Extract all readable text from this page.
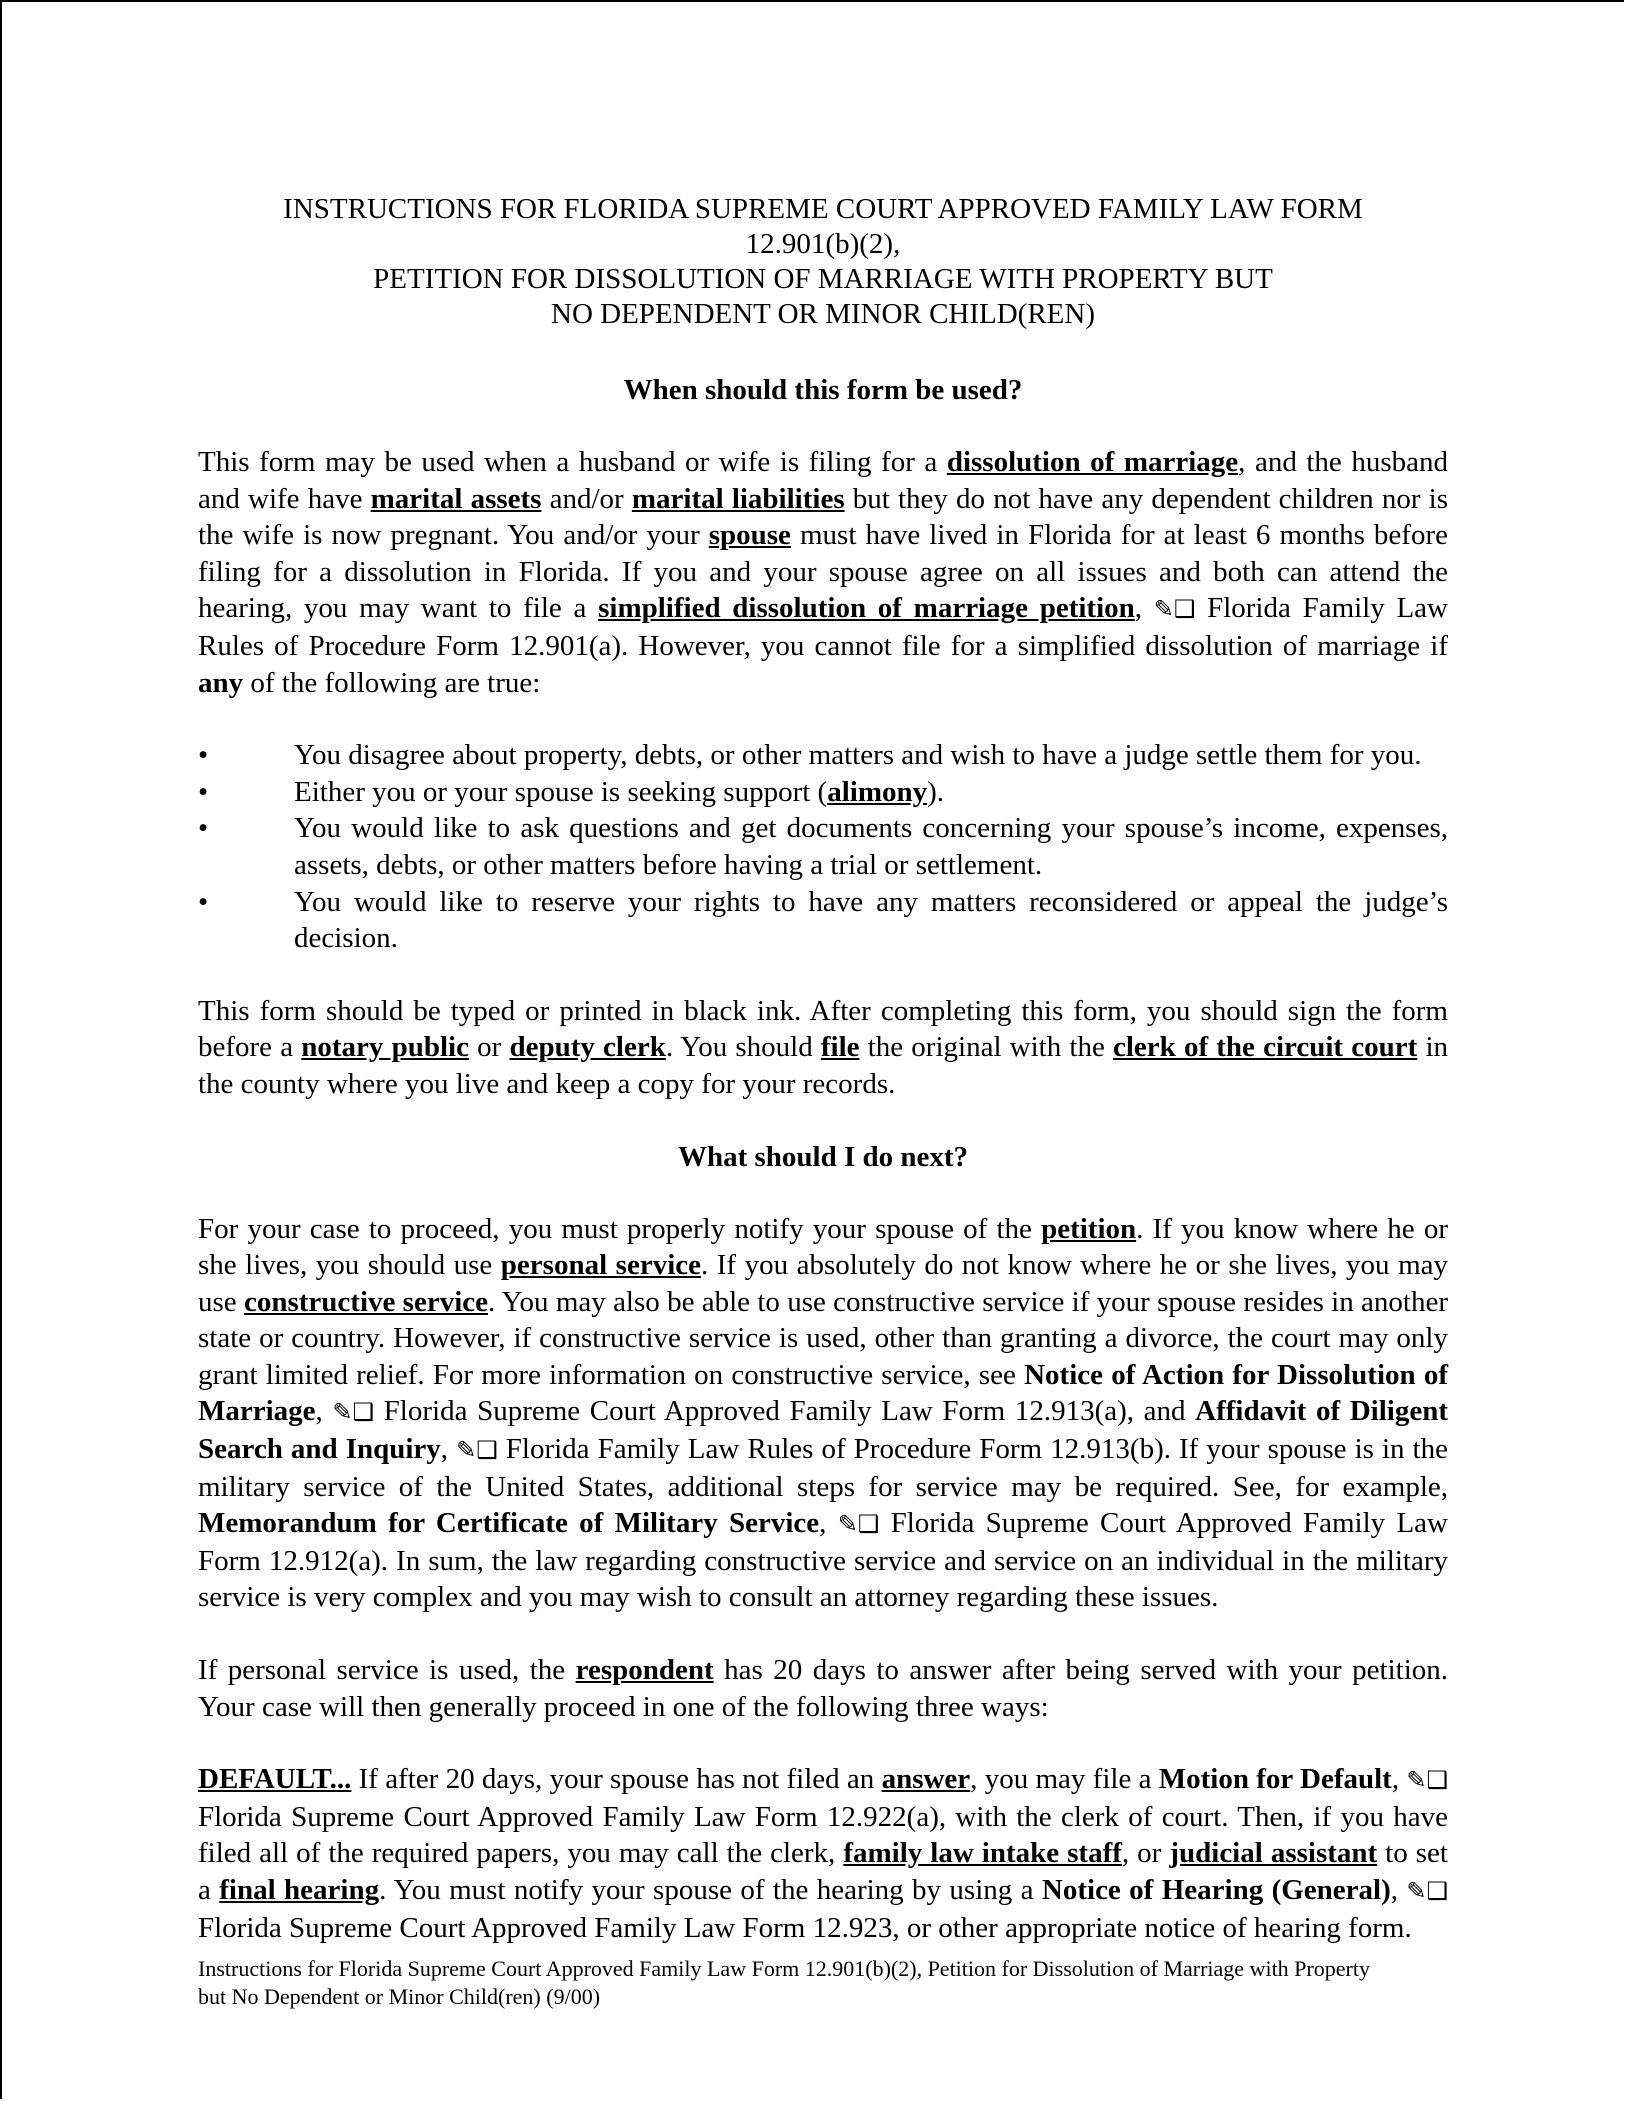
INSTRUCTIONS FOR FLORIDA SUPREME COURT APPROVED FAMILY LAW FORM
12.901(b)(2),
PETITION FOR DISSOLUTION OF MARRIAGE WITH PROPERTY BUT
NO DEPENDENT OR MINOR CHILD(REN)
When should this form be used?

This form may be used when a husband or wife is filing for a dissolution of marriage, and the husband and wife have marital assets and/or marital liabilities but they do not have any dependent children nor is the wife is now pregnant. You and/or your spouse must have lived in Florida for at least 6 months before filing for a dissolution in Florida. If you and your spouse agree on all issues and both can attend the hearing, you may want to file a simplified dissolution of marriage petition, ✎❑ Florida Family Law Rules of Procedure Form 12.901(a). However, you cannot file for a simplified dissolution of marriage if any of the following are true:

•	You disagree about property, debts, or other matters and wish to have a judge settle them for you.
•	Either you or your spouse is seeking support (alimony).
•	You would like to ask questions and get documents concerning your spouse’s income, expenses, assets, debts, or other matters before having a trial or settlement.
•	You would like to reserve your rights to have any matters reconsidered or appeal the judge’s decision.

This form should be typed or printed in black ink. After completing this form, you should sign the form before a notary public or deputy clerk. You should file the original with the clerk of the circuit court in the county where you live and keep a copy for your records.

What should I do next?

For your case to proceed, you must properly notify your spouse of the petition. If you know where he or she lives, you should use personal service. If you absolutely do not know where he or she lives, you may use constructive service. You may also be able to use constructive service if your spouse resides in another state or country. However, if constructive service is used, other than granting a divorce, the court may only grant limited relief. For more information on constructive service, see Notice of Action for Dissolution of Marriage, ✎❑ Florida Supreme Court Approved Family Law Form 12.913(a), and Affidavit of Diligent Search and Inquiry, ✎❑ Florida Family Law Rules of Procedure Form 12.913(b). If your spouse is in the military service of the United States, additional steps for service may be required. See, for example, Memorandum for Certificate of Military Service, ✎❑ Florida Supreme Court Approved Family Law Form 12.912(a). In sum, the law regarding constructive service and service on an individual in the military service is very complex and you may wish to consult an attorney regarding these issues.

If personal service is used, the respondent has 20 days to answer after being served with your petition. Your case will then generally proceed in one of the following three ways:

DEFAULT... If after 20 days, your spouse has not filed an answer, you may file a Motion for Default, ✎❑ Florida Supreme Court Approved Family Law Form 12.922(a), with the clerk of court. Then, if you have filed all of the required papers, you may call the clerk, family law intake staff, or judicial assistant to set a final hearing. You must notify your spouse of the hearing by using a Notice of Hearing (General), ✎❑ Florida Supreme Court Approved Family Law Form 12.923, or other appropriate notice of hearing form.

Instructions for Florida Supreme Court Approved Family Law Form 12.901(b)(2), Petition for Dissolution of Marriage with Property
but No Dependent or Minor Child(ren) (9/00)
